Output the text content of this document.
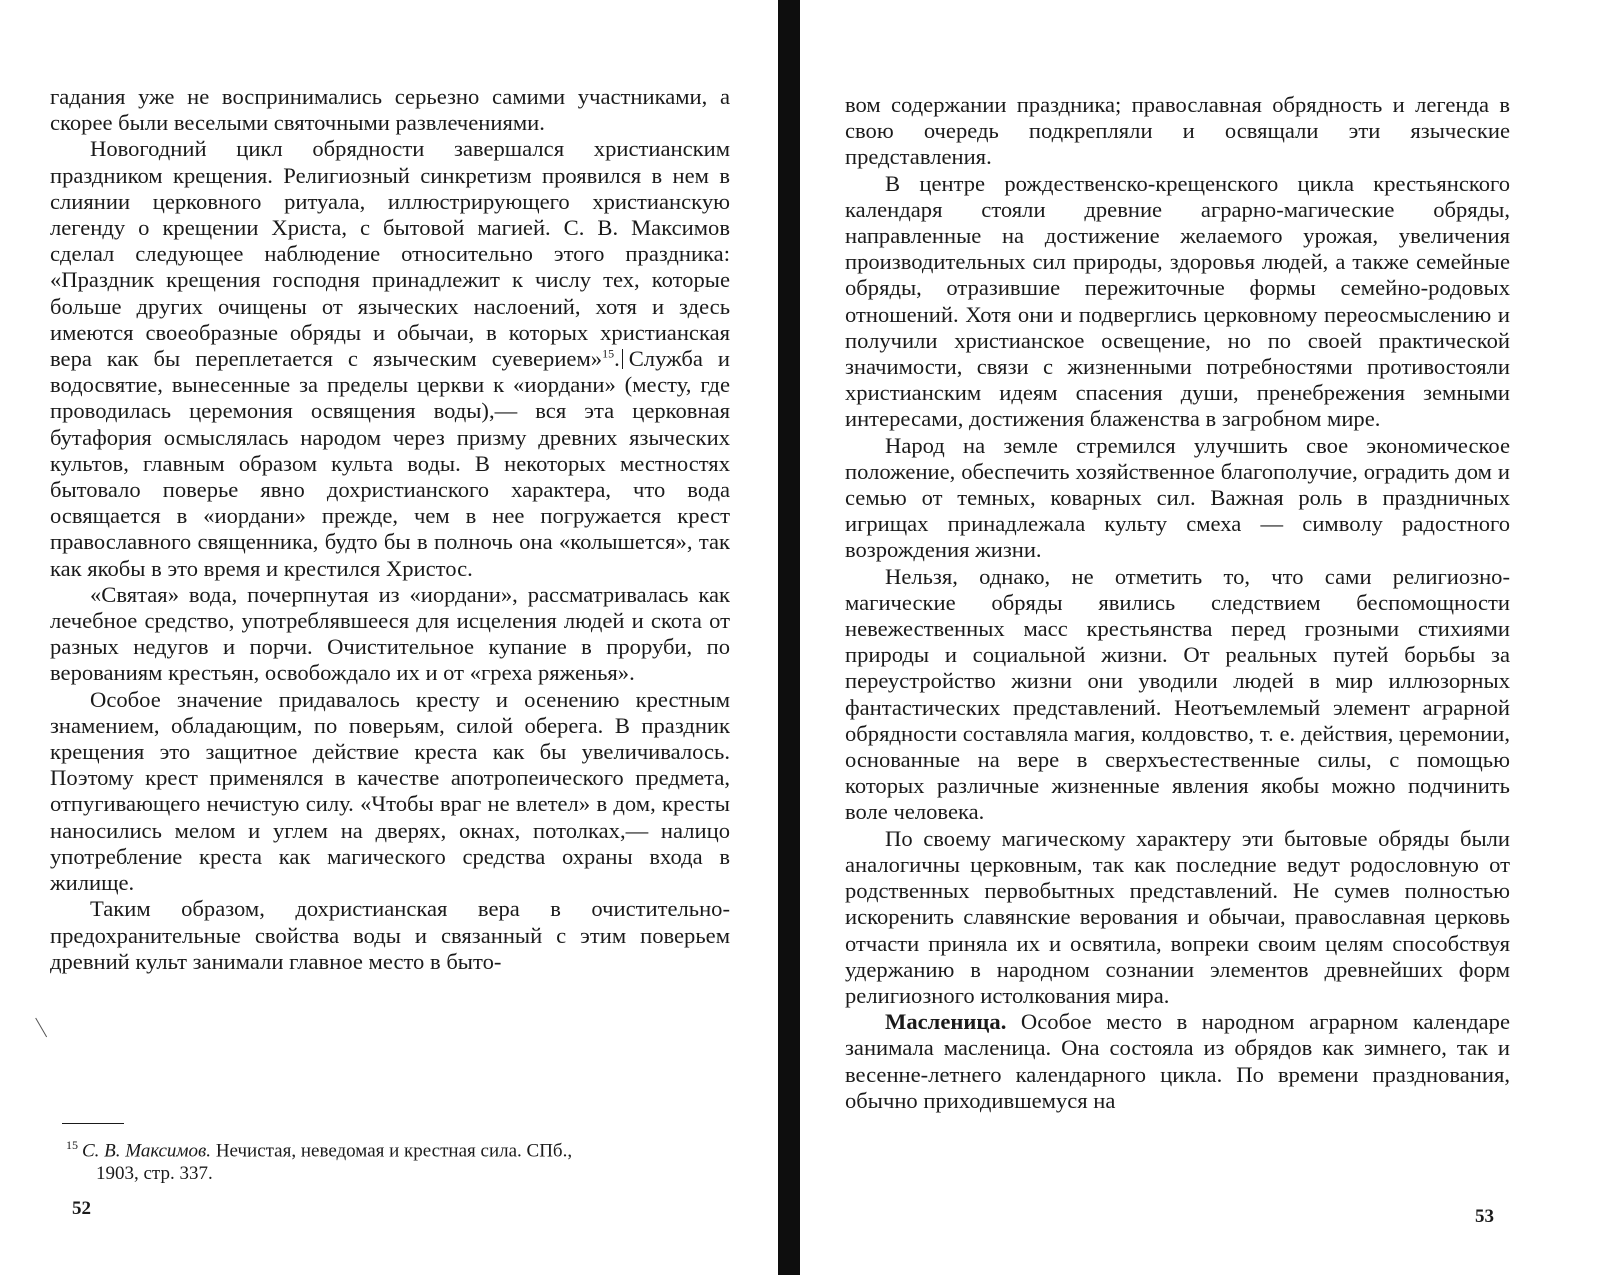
гадания уже не воспринимались серьезно самими участниками, а скорее были веселыми святочными развлечениями.

Новогодний цикл обрядности завершался христианским праздником крещения. Религиозный синкретизм проявился в нем в слиянии церковного ритуала, иллюстрирующего христианскую легенду о крещении Христа, с бытовой магией. С. В. Максимов сделал следующее наблюдение относительно этого праздника: «Праздник крещения господня принадлежит к числу тех, которые больше других очищены от языческих наслоений, хотя и здесь имеются своеобразные обряды и обычаи, в которых христианская вера как бы переплетается с языческим суеверием»$^{15}$. Служба и водосвятие, вынесенные за пределы церкви к «иордани» (месту, где проводилась церемония освящения воды),— вся эта церковная бутафория осмыслялась народом через призму древних языческих культов, главным образом культа воды. В некоторых местностях бытовало поверье явно дохристианского характера, что вода освящается в «иордани» прежде, чем в нее погружается крест православного священника, будто бы в полночь она «колышется», так как якобы в это время и крестился Христос.

«Святая» вода, почерпнутая из «иордани», рассматривалась как лечебное средство, употреблявшееся для исцеления людей и скота от разных недугов и порчи. Очистительное купание в проруби, по верованиям крестьян, освобождало их и от «греха ряженья».

Особое значение придавалось кресту и осенению крестным знамением, обладающим, по поверьям, силой оберега. В праздник крещения это защитное действие креста как бы увеличивалось. Поэтому крест применялся в качестве апотропеического предмета, отпугивающего нечистую силу. «Чтобы враг не влетел» в дом, кресты наносились мелом и углем на дверях, окнах, потолках,— налицо употребление креста как магического средства охраны входа в жилище.

Таким образом, дохристианская вера в очистительно-предохранительные свойства воды и связанный с этим поверьем древний культ занимали главное место в быто-

$^{15}$ С. В. Максимов. Нечистая, неведомая и крестная сила. СПб.,
1903, стр. 337.
52

вом содержании праздника; православная обрядность и легенда в свою очередь подкрепляли и освящали эти языческие представления.

В центре рождественско-крещенского цикла крестьянского календаря стояли древние аграрно-магические обряды, направленные на достижение желаемого урожая, увеличения производительных сил природы, здоровья людей, а также семейные обряды, отразившие пережиточные формы семейно-родовых отношений. Хотя они и подверглись церковному переосмыслению и получили христианское освещение, но по своей практической значимости, связи с жизненными потребностями противостояли христианским идеям спасения души, пренебрежения земными интересами, достижения блаженства в загробном мире.

Народ на земле стремился улучшить свое экономическое положение, обеспечить хозяйственное благополучие, оградить дом и семью от темных, коварных сил. Важная роль в праздничных игрищах принадлежала культу смеха — символу радостного возрождения жизни.

Нельзя, однако, не отметить то, что сами религиозно-магические обряды явились следствием беспомощности невежественных масс крестьянства перед грозными стихиями природы и социальной жизни. От реальных путей борьбы за переустройство жизни они уводили людей в мир иллюзорных фантастических представлений. Неотъемлемый элемент аграрной обрядности составляла магия, колдовство, т. е. действия, церемонии, основанные на вере в сверхъестественные силы, с помощью которых различные жизненные явления якобы можно подчинить воле человека.

По своему магическому характеру эти бытовые обряды были аналогичны церковным, так как последние ведут родословную от родственных первобытных представлений. Не сумев полностью искоренить славянские верования и обычаи, православная церковь отчасти приняла их и освятила, вопреки своим целям способствуя удержанию в народном сознании элементов древнейших форм религиозного истолкования мира.

Масленица. Особое место в народном аграрном календаре занимала масленица. Она состояла из обрядов как зимнего, так и весенне-летнего календарного цикла. По времени празднования, обычно приходившемуся на

53
